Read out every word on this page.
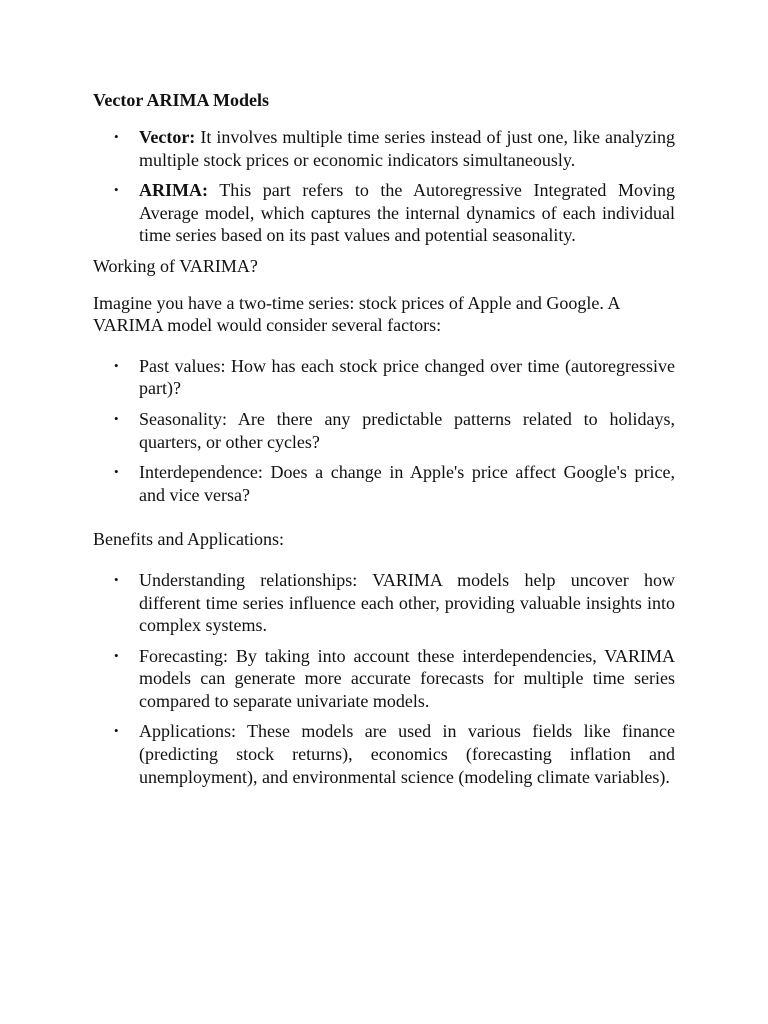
Vector ARIMA Models
• Vector: It involves multiple time series instead of just one, like analyzing multiple stock prices or economic indicators simultaneously.
• ARIMA: This part refers to the Autoregressive Integrated Moving Average model, which captures the internal dynamics of each individual time series based on its past values and potential seasonality.

Working of VARIMA?

Imagine you have a two-time series: stock prices of Apple and Google. A VARIMA model would consider several factors:

• Past values: How has each stock price changed over time (autoregressive part)?
• Seasonality: Are there any predictable patterns related to holidays, quarters, or other cycles?
• Interdependence: Does a change in Apple's price affect Google's price, and vice versa?

Benefits and Applications:

• Understanding relationships: VARIMA models help uncover how different time series influence each other, providing valuable insights into complex systems.
• Forecasting: By taking into account these interdependencies, VARIMA models can generate more accurate forecasts for multiple time series compared to separate univariate models.
• Applications: These models are used in various fields like finance (predicting stock returns), economics (forecasting inflation and unemployment), and environmental science (modeling climate variables).
